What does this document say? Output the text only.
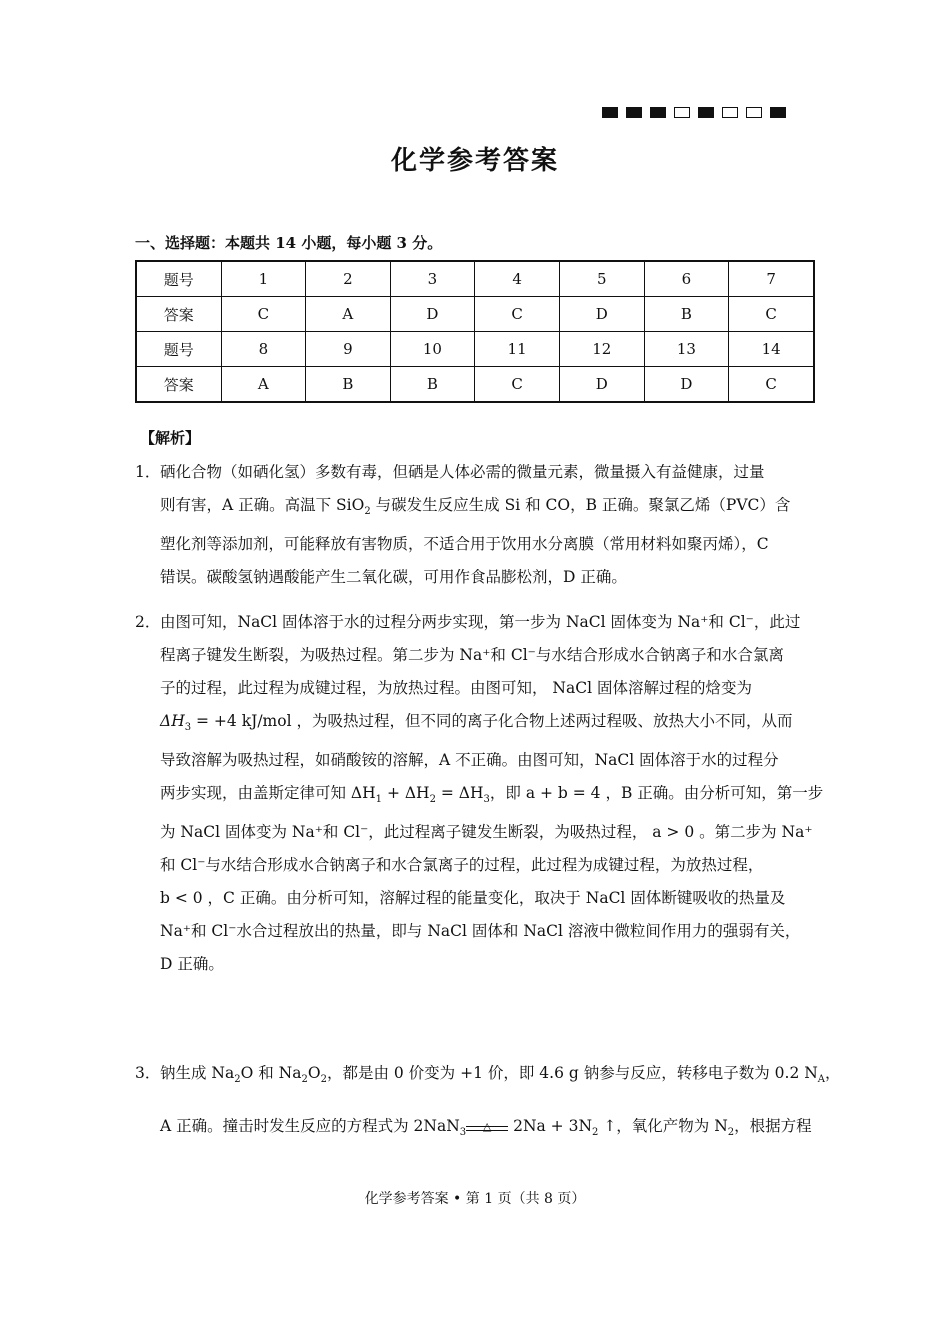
化学参考答案
一、选择题：本题共 14 小题，每小题 3 分。
题号	1	2	3	4	5	6	7
答案	C	A	D	C	D	B	C
题号	8	9	10	11	12	13	14
答案	A	B	B	C	D	D	C
【解析】
1． 硒化合物（如硒化氢）多数有毒，但硒是人体必需的微量元素，微量摄入有益健康，过量
则有害，A 正确。高温下 SiO$_2$ 与碳发生反应生成 Si 和 CO，B 正确。聚氯乙烯（PVC）含
塑化剂等添加剂，可能释放有害物质，不适合用于饮用水分离膜（常用材料如聚丙烯），C
错误。碳酸氢钠遇酸能产生二氧化碳，可用作食品膨松剂，D 正确。
2． 由图可知，NaCl 固体溶于水的过程分两步实现，第一步为 NaCl 固体变为 Na⁺和 Cl⁻，此过
程离子键发生断裂，为吸热过程。第二步为 Na⁺和 Cl⁻与水结合形成水合钠离子和水合氯离
子的过程，此过程为成键过程，为放热过程。由图可知， NaCl 固体溶解过程的焓变为
$\Delta H_3 = +4$ kJ/mol ，为吸热过程，但不同的离子化合物上述两过程吸、放热大小不同，从而
导致溶解为吸热过程，如硝酸铵的溶解，A 不正确。由图可知，NaCl 固体溶于水的过程分
两步实现，由盖斯定律可知 $\Delta H_1 + \Delta H_2 = \Delta H_3$，即 a + b = 4 ，B 正确。由分析可知，第一步
为 NaCl 固体变为 Na⁺和 Cl⁻，此过程离子键发生断裂，为吸热过程， a > 0 。第二步为 Na⁺
和 Cl⁻与水结合形成水合钠离子和水合氯离子的过程，此过程为成键过程，为放热过程，
b < 0 ，C 正确。由分析可知，溶解过程的能量变化，取决于 NaCl 固体断键吸收的热量及
Na⁺和 Cl⁻水合过程放出的热量，即与 NaCl 固体和 NaCl 溶液中微粒间作用力的强弱有关，
D 正确。
3． 钠生成 $Na_2O$ 和 $Na_2O_2$，都是由 0 价变为 +1 价，即 4.6 g 钠参与反应，转移电子数为 0.2 $N_A$，
A 正确。撞击时发生反应的方程式为 2NaN$_3$	△	$2Na + 3N_2$ ↑，氧化产物为 $N_2$，根据方程
化学参考答案 • 第 1 页（共 8 页）
